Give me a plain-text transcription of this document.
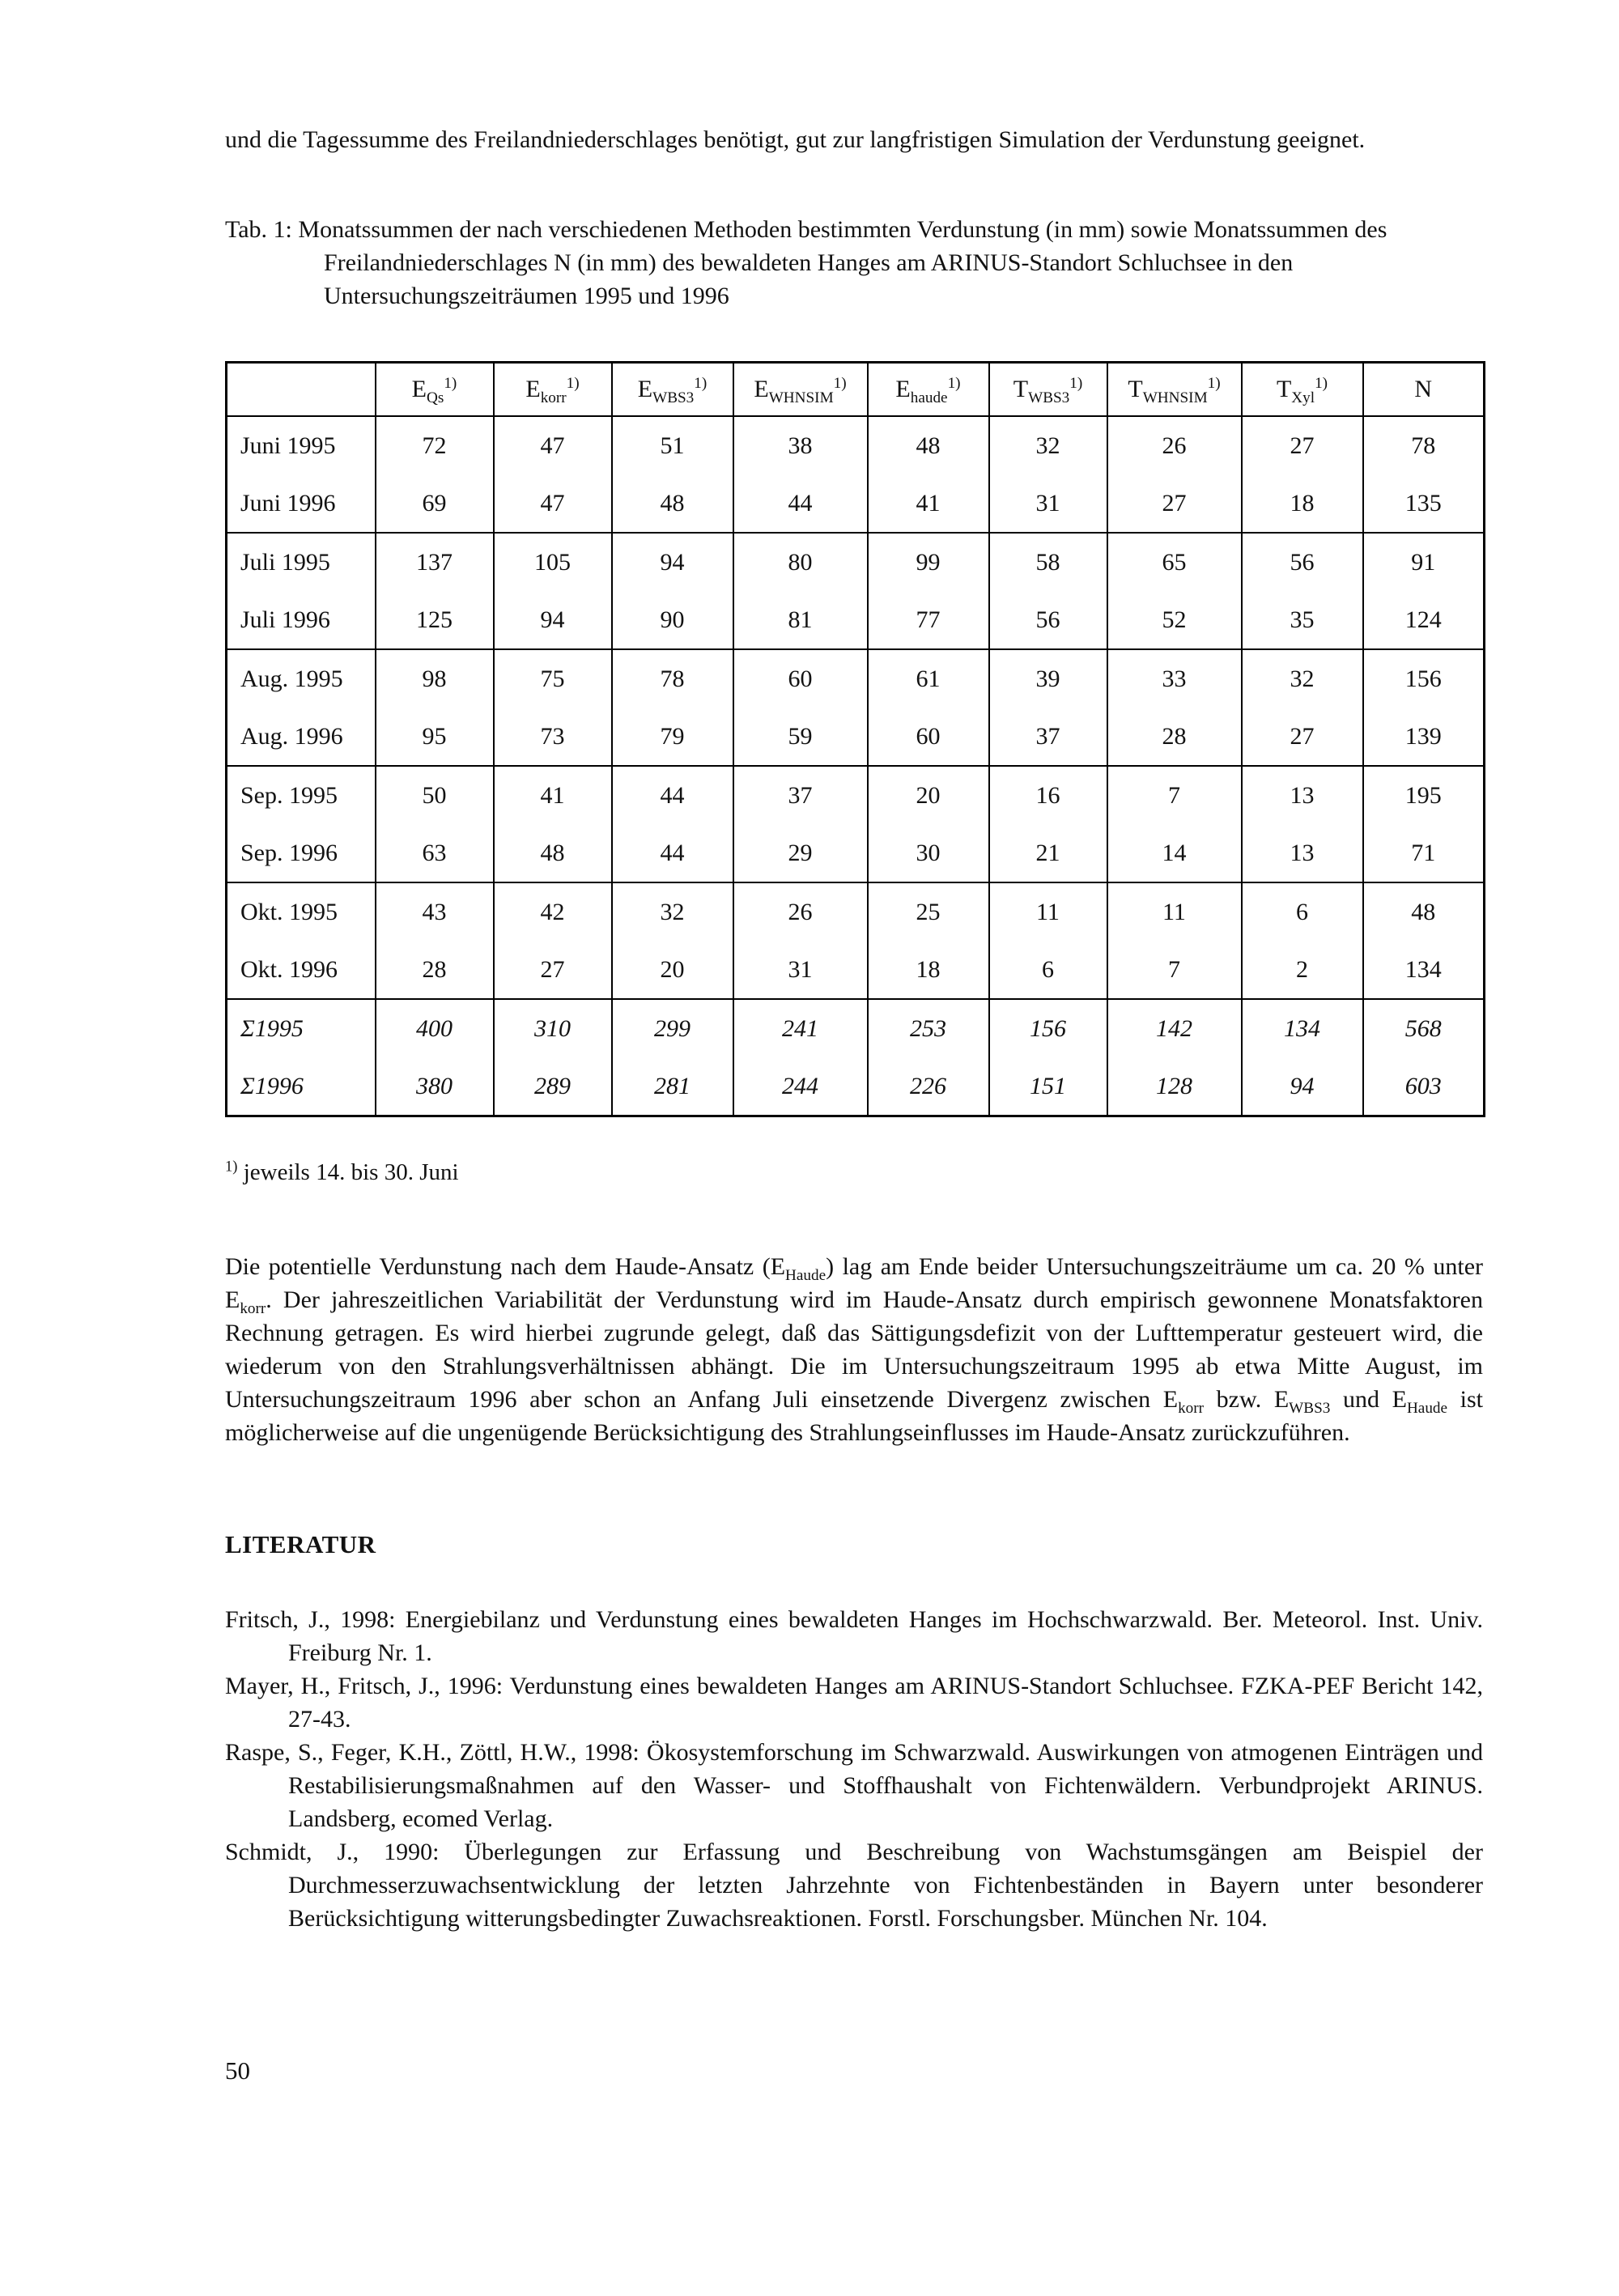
und die Tagessumme des Freilandniederschlages benötigt, gut zur langfristigen Simulation der Verdunstung geeignet.

Tab. 1: Monatssummen der nach verschiedenen Methoden bestimmten Verdunstung (in mm) sowie Monatssummen des Freilandniederschlages N (in mm) des bewaldeten Hanges am ARINUS-Standort Schluchsee in den Untersuchungszeiträumen 1995 und 1996

	$E_{Qs}^{1)}$	$E_{korr}^{1)}$	$E_{WBS3}^{1)}$	$E_{WHNSIM}^{1)}$	$E_{haude}^{1)}$	$T_{WBS3}^{1)}$	$T_{WHNSIM}^{1)}$	$T_{Xyl}^{1)}$	N
Juni 1995	72	47	51	38	48	32	26	27	78
Juni 1996	69	47	48	44	41	31	27	18	135
Juli 1995	137	105	94	80	99	58	65	56	91
Juli 1996	125	94	90	81	77	56	52	35	124
Aug. 1995	98	75	78	60	61	39	33	32	156
Aug. 1996	95	73	79	59	60	37	28	27	139
Sep. 1995	50	41	44	37	20	16	7	13	195
Sep. 1996	63	48	44	29	30	21	14	13	71
Okt. 1995	43	42	32	26	25	11	11	6	48
Okt. 1996	28	27	20	31	18	6	7	2	134
Σ1995	400	310	299	241	253	156	142	134	568
Σ1996	380	289	281	244	226	151	128	94	603

$^{1)}$ jeweils 14. bis 30. Juni

Die potentielle Verdunstung nach dem Haude-Ansatz $(E_{Haude})$ lag am Ende beider Untersuchungszeiträume um ca. 20 % unter $E_{korr}$. Der jahreszeitlichen Variabilität der Verdunstung wird im Haude-Ansatz durch empirisch gewonnene Monatsfaktoren Rechnung getragen. Es wird hierbei zugrunde gelegt, daß das Sättigungsdefizit von der Lufttemperatur gesteuert wird, die wiederum von den Strahlungsverhältnissen abhängt. Die im Untersuchungszeitraum 1995 ab etwa Mitte August, im Untersuchungszeitraum 1996 aber schon an Anfang Juli einsetzende Divergenz zwischen $E_{korr}$ bzw. $E_{WBS3}$ und $E_{Haude}$ ist möglicherweise auf die ungenügende Berücksichtigung des Strahlungseinflusses im Haude-Ansatz zurückzuführen.

LITERATUR

Fritsch, J., 1998: Energiebilanz und Verdunstung eines bewaldeten Hanges im Hochschwarzwald. Ber. Meteorol. Inst. Univ. Freiburg Nr. 1.

Mayer, H., Fritsch, J., 1996: Verdunstung eines bewaldeten Hanges am ARINUS-Standort Schluchsee. FZKA-PEF Bericht 142, 27-43.

Raspe, S., Feger, K.H., Zöttl, H.W., 1998: Ökosystemforschung im Schwarzwald. Auswirkungen von atmogenen Einträgen und Restabilisierungsmaßnahmen auf den Wasser- und Stoffhaushalt von Fichtenwäldern. Verbundprojekt ARINUS. Landsberg, ecomed Verlag.

Schmidt, J., 1990: Überlegungen zur Erfassung und Beschreibung von Wachstumsgängen am Beispiel der Durchmesserzuwachsentwicklung der letzten Jahrzehnte von Fichtenbeständen in Bayern unter besonderer Berücksichtigung witterungsbedingter Zuwachsreaktionen. Forstl. Forschungsber. München Nr. 104.

50
